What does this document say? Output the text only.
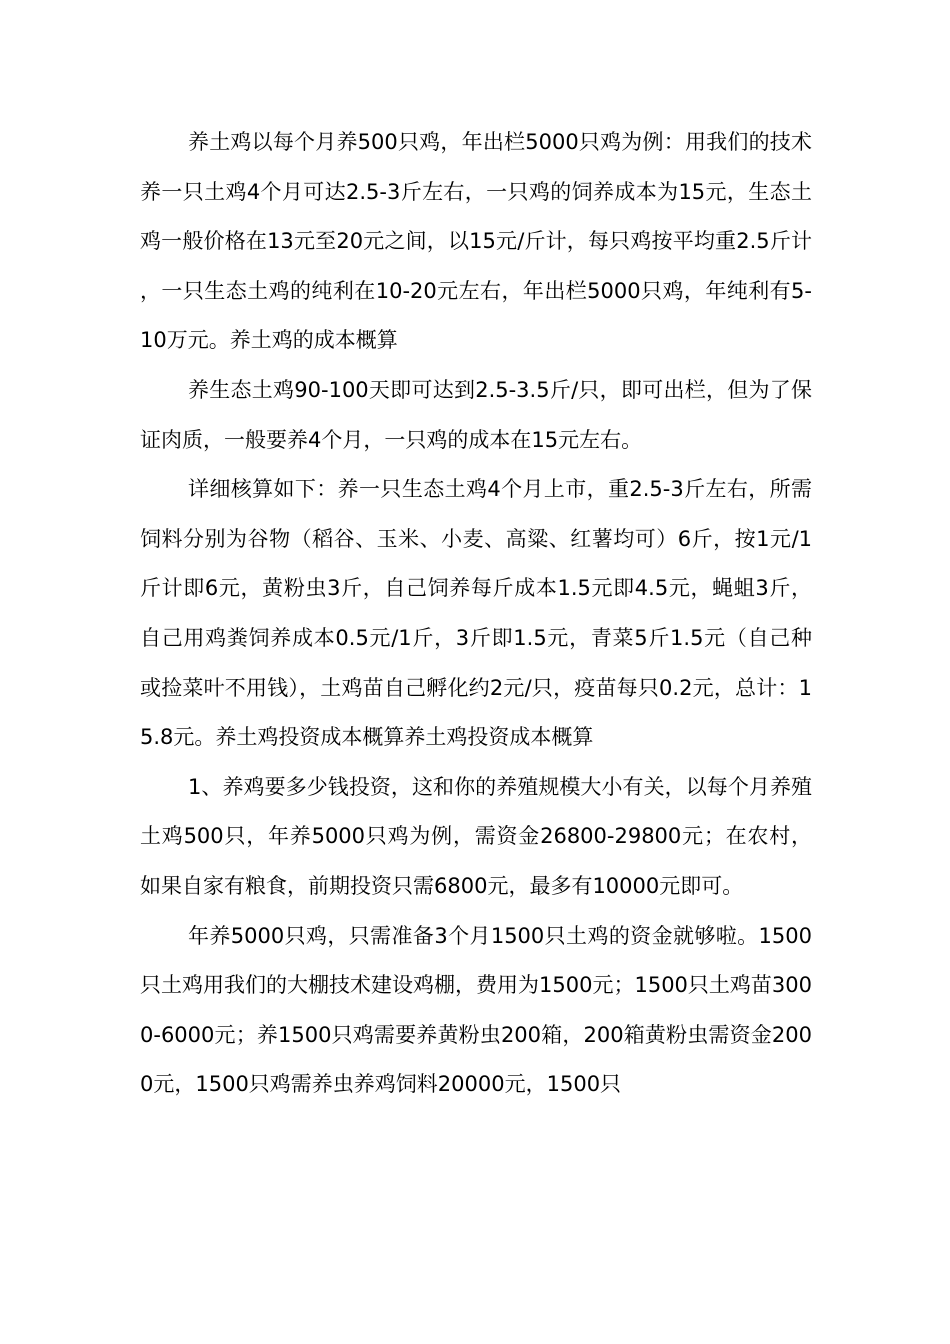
养土鸡以每个月养500只鸡，年出栏5000只鸡为例：用我们的技术养一只土鸡4个月可达2.5-3斤左右，一只鸡的饲养成本为15元，生态土鸡一般价格在13元至20元之间，以15元/斤计，每只鸡按平均重2.5斤计，一只生态土鸡的纯利在10-20元左右，年出栏5000只鸡，年纯利有5-10万元。养土鸡的成本概算

养生态土鸡90-100天即可达到2.5-3.5斤/只，即可出栏，但为了保证肉质，一般要养4个月，一只鸡的成本在15元左右。

详细核算如下：养一只生态土鸡4个月上市，重2.5-3斤左右，所需饲料分别为谷物（稻谷、玉米、小麦、高粱、红薯均可）6斤，按1元/1斤计即6元，黄粉虫3斤，自己饲养每斤成本1.5元即4.5元，蝇蛆3斤，自己用鸡粪饲养成本0.5元/1斤，3斤即1.5元，青菜5斤1.5元（自己种或捡菜叶不用钱），土鸡苗自己孵化约2元/只，疫苗每只0.2元，总计：15.8元。养土鸡投资成本概算养土鸡投资成本概算

1、养鸡要多少钱投资，这和你的养殖规模大小有关，以每个月养殖土鸡500只，年养5000只鸡为例，需资金26800-29800元；在农村，如果自家有粮食，前期投资只需6800元，最多有10000元即可。

年养5000只鸡，只需准备3个月1500只土鸡的资金就够啦。1500只土鸡用我们的大棚技术建设鸡棚，费用为1500元；1500只土鸡苗3000-6000元；养1500只鸡需要养黄粉虫200箱，200箱黄粉虫需资金2000元，1500只鸡需养虫养鸡饲料20000元，1500只
